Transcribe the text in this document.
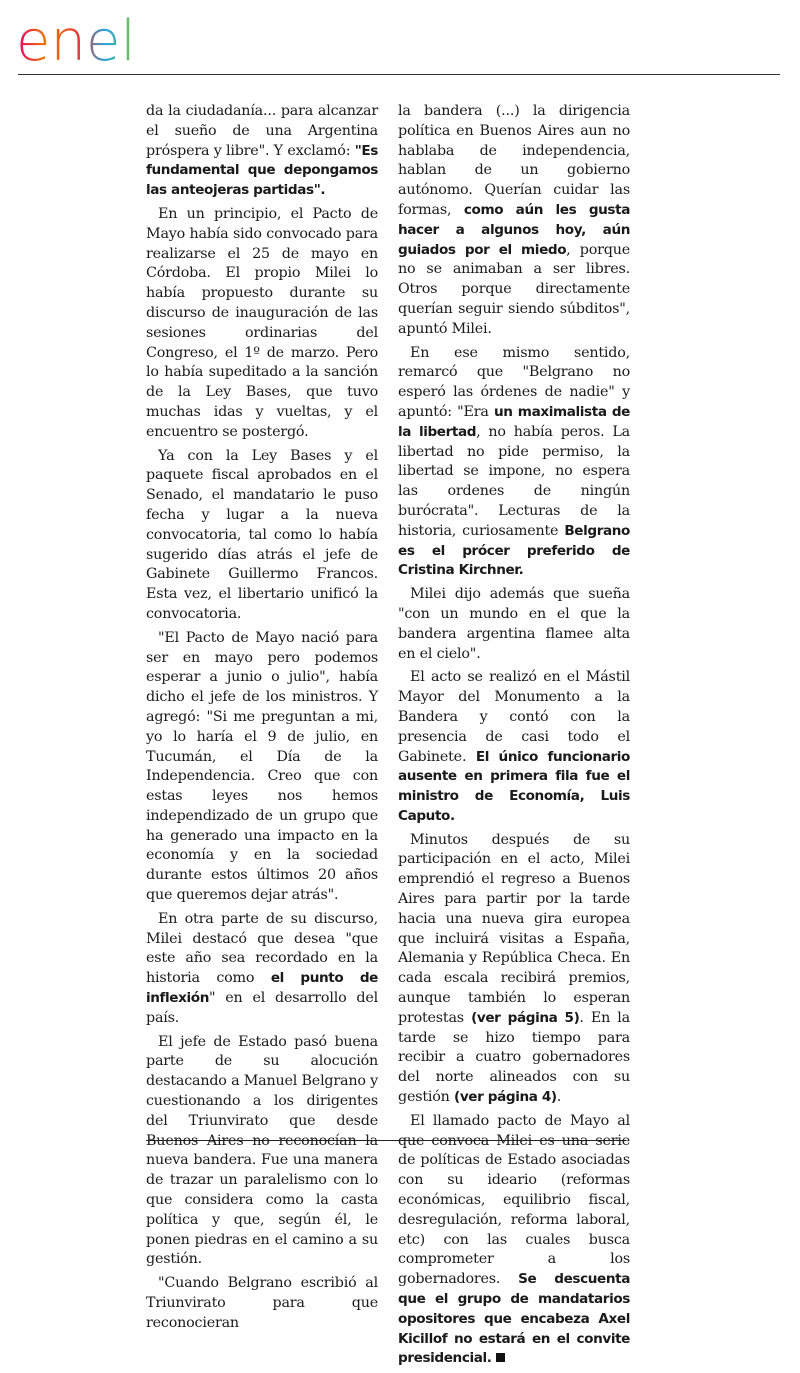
enel

da la ciudadanía... para alcanzar el sueño de una Argentina próspera y libre". Y exclamó: "Es fundamental que depongamos las anteojeras partidas".

En un principio, el Pacto de Mayo había sido convocado para realizarse el 25 de mayo en Córdoba. El propio Milei lo había propuesto durante su discurso de inauguración de las sesiones ordinarias del Congreso, el 1º de marzo. Pero lo había supeditado a la sanción de la Ley Bases, que tuvo muchas idas y vueltas, y el encuentro se postergó.

Ya con la Ley Bases y el paquete fiscal aprobados en el Senado, el mandatario le puso fecha y lugar a la nueva convocatoria, tal como lo había sugerido días atrás el jefe de Gabinete Guillermo Francos. Esta vez, el libertario unificó la convocatoria.

"El Pacto de Mayo nació para ser en mayo pero podemos esperar a junio o julio", había dicho el jefe de los ministros. Y agregó: "Si me preguntan a mi, yo lo haría el 9 de julio, en Tucumán, el Día de la Independencia. Creo que con estas leyes nos hemos independizado de un grupo que ha generado una impacto en la economía y en la sociedad durante estos últimos 20 años que queremos dejar atrás".

En otra parte de su discurso, Milei destacó que desea "que este año sea recordado en la historia como el punto de inflexión" en el desarrollo del país.

El jefe de Estado pasó buena parte de su alocución destacando a Manuel Belgrano y cuestionando a los dirigentes del Triunvirato que desde Buenos Aires no reconocían la nueva bandera. Fue una manera de trazar un paralelismo con lo que considera como la casta política y que, según él, le ponen piedras en el camino a su gestión.

"Cuando Belgrano escribió al Triunvirato para que reconocieran

la bandera (...) la dirigencia política en Buenos Aires aun no hablaba de independencia, hablan de un gobierno autónomo. Querían cuidar las formas, como aún les gusta hacer a algunos hoy, aún guiados por el miedo, porque no se animaban a ser libres. Otros porque directamente querían seguir siendo súbditos", apuntó Milei.

En ese mismo sentido, remarcó que "Belgrano no esperó las órdenes de nadie" y apuntó: "Era un maximalista de la libertad, no había peros. La libertad no pide permiso, la libertad se impone, no espera las ordenes de ningún burócrata". Lecturas de la historia, curiosamente Belgrano es el prócer preferido de Cristina Kirchner.

Milei dijo además que sueña "con un mundo en el que la bandera argentina flamee alta en el cielo".

El acto se realizó en el Mástil Mayor del Monumento a la Bandera y contó con la presencia de casi todo el Gabinete. El único funcionario ausente en primera fila fue el ministro de Economía, Luis Caputo.

Minutos después de su participación en el acto, Milei emprendió el regreso a Buenos Aires para partir por la tarde hacia una nueva gira europea que incluirá visitas a España, Alemania y República Checa. En cada escala recibirá premios, aunque también lo esperan protestas (ver página 5). En la tarde se hizo tiempo para recibir a cuatro gobernadores del norte alineados con su gestión (ver página 4).

El llamado pacto de Mayo al que convoca Milei es una serie de políticas de Estado asociadas con su ideario (reformas económicas, equilibrio fiscal, desregulación, reforma laboral, etc) con las cuales busca comprometer a los gobernadores. Se descuenta que el grupo de mandatarios opositores que encabeza Axel Kicillof no estará en el convite presidencial.
